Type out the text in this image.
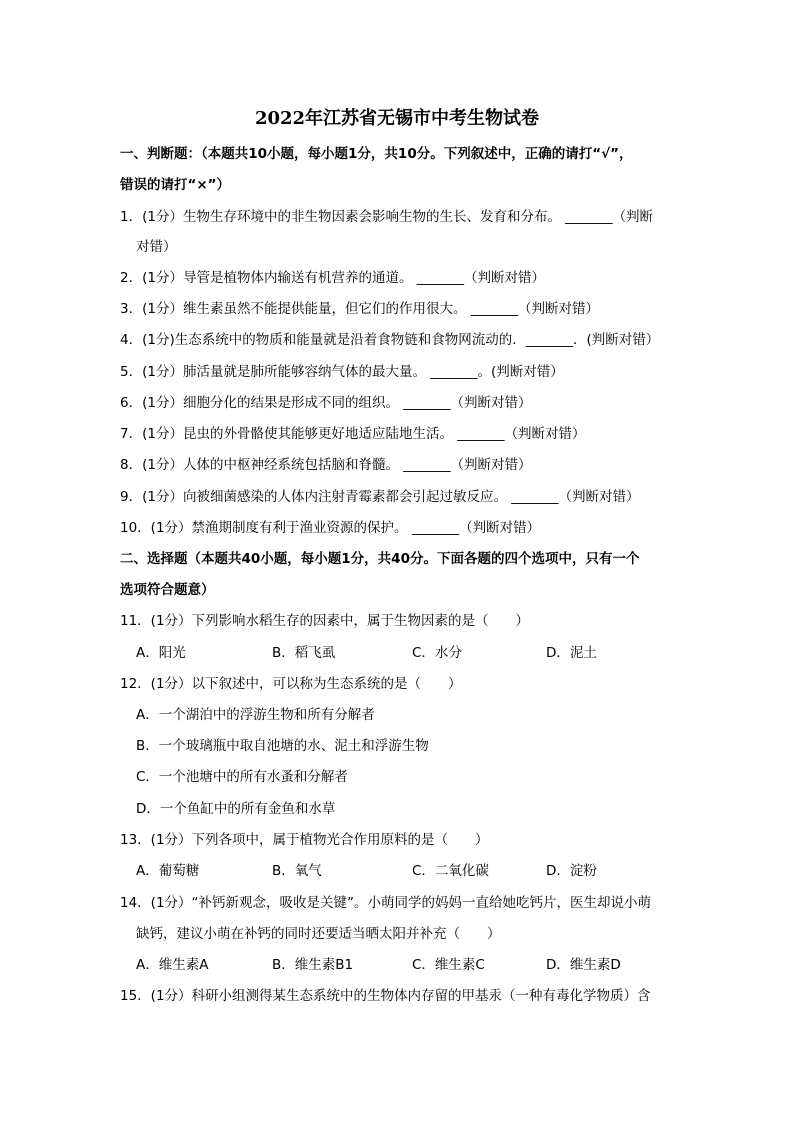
2022年江苏省无锡市中考生物试卷
一、判断题：（本题共10小题，每小题1分，共10分。下列叙述中，正确的请打“√”，
错误的请打“×”）
1．(1分）生物生存环境中的非生物因素会影响生物的生长、发育和分布。 _______（判断
对错）
2．(1分）导管是植物体内输送有机营养的通道。 _______（判断对错）
3．(1分）维生素虽然不能提供能量，但它们的作用很大。 _______（判断对错）
4．(1分)生态系统中的物质和能量就是沿着食物链和食物网流动的．_______．(判断对错）
5．(1分）肺活量就是肺所能够容纳气体的最大量。 _______。(判断对错）
6．(1分）细胞分化的结果是形成不同的组织。 _______（判断对错）
7．(1分）昆虫的外骨骼使其能够更好地适应陆地生活。 _______（判断对错）
8．(1分）人体的中枢神经系统包括脑和脊髓。 _______（判断对错）
9．(1分）向被细菌感染的人体内注射青霉素都会引起过敏反应。 _______（判断对错）
10．(1分）禁渔期制度有利于渔业资源的保护。 _______（判断对错）
二、选择题（本题共40小题，每小题1分，共40分。下面各题的四个选项中，只有一个
选项符合题意）
11．(1分）下列影响水稻生存的因素中，属于生物因素的是（　　）
A．阳光	B．稻飞虱	C．水分	D．泥土
12．(1分）以下叙述中，可以称为生态系统的是（　　）
A．一个湖泊中的浮游生物和所有分解者
B．一个玻璃瓶中取自池塘的水、泥土和浮游生物
C．一个池塘中的所有水蚤和分解者
D．一个鱼缸中的所有金鱼和水草
13．(1分）下列各项中，属于植物光合作用原料的是（　　）
A．葡萄糖	B．氧气	C．二氧化碳	D．淀粉
14．(1分）“补钙新观念，吸收是关键”。小萌同学的妈妈一直给她吃钙片，医生却说小萌
缺钙，建议小萌在补钙的同时还要适当晒太阳并补充（　　）
A．维生素A	B．维生素B1	C．维生素C	D．维生素D
15．(1分）科研小组测得某生态系统中的生物体内存留的甲基汞（一种有毒化学物质）含
